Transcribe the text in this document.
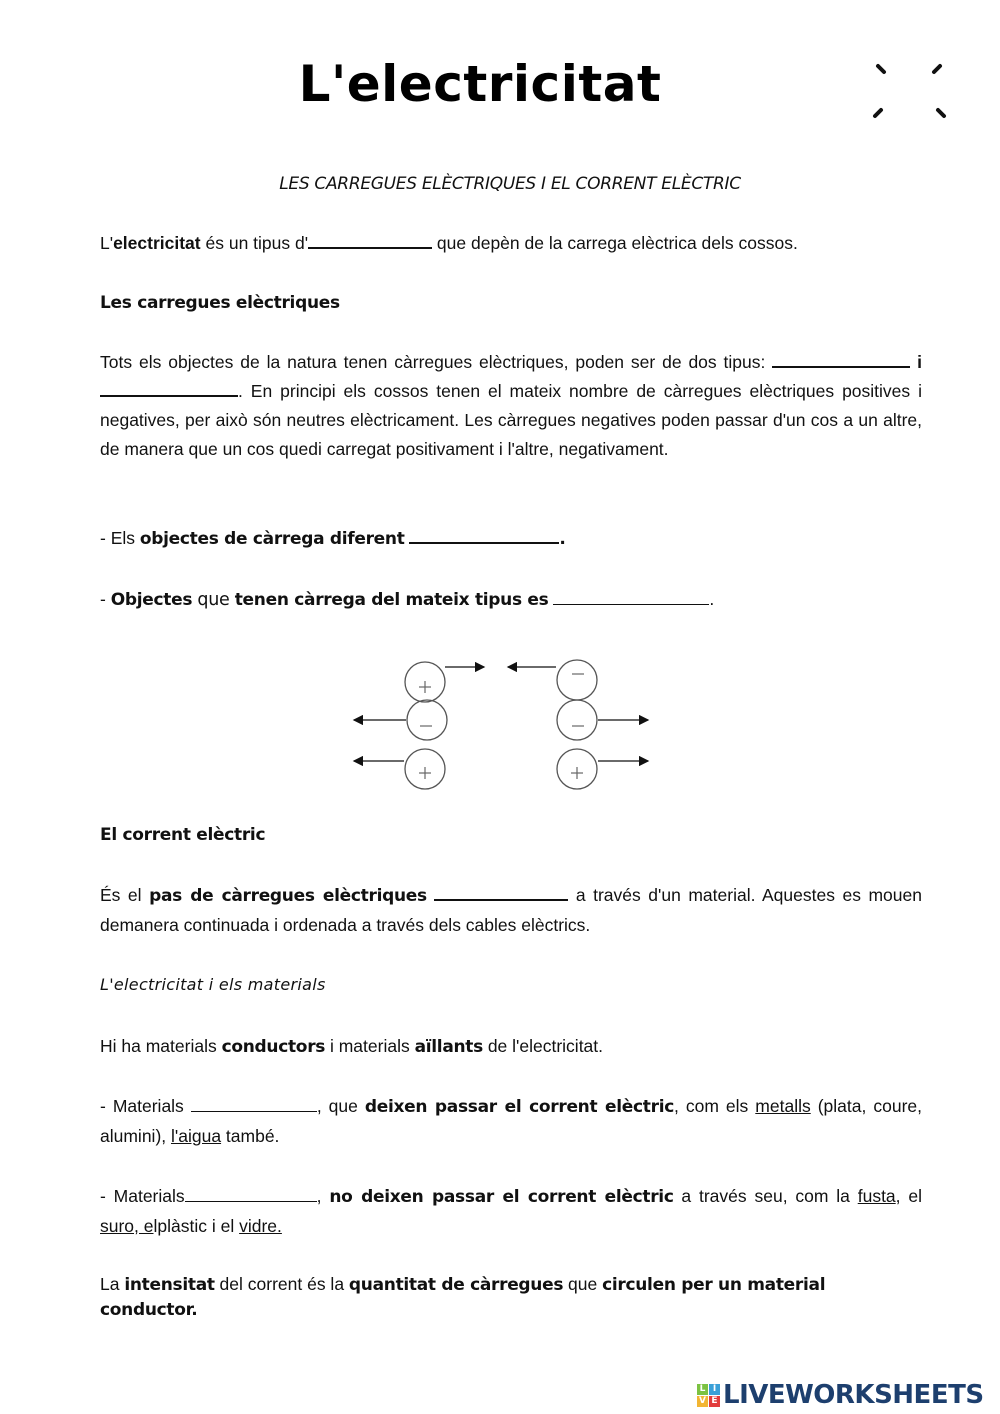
L'electricitat
LES CARREGUES ELÈCTRIQUES I EL CORRENT ELÈCTRIC
L'electricitat és un tipus d'	que depèn de la carrega elèctrica dels cossos.
Les carregues elèctriques
Tots els objectes de la natura tenen càrregues elèctriques, poden ser de dos tipus:	i . En principi els cossos tenen el mateix nombre de càrregues elèctriques positives i negatives, per això són neutres elèctricament. Les càrregues negatives poden passar d'un cos a un altre, de manera que un cos quedi carregat positivament i l'altre, negativament.
- Els objectes de càrrega diferent	.
- Objectes que tenen càrrega del mateix tipus es	.
El corrent elèctric
És el pas de càrregues elèctriques	a través d'un material. Aquestes es mouen demanera continuada i ordenada a través dels cables elèctrics.
L'electricitat i els materials
Hi ha materials conductors i materials aïllants de l'electricitat.
- Materials	, que deixen passar el corrent elèctric, com els metalls (plata, coure, alumini), l'aigua també.
- Materials	, no deixen passar el corrent elèctric a través seu, com la fusta, el suro, elplàstic i el vidre.
La intensitat del corrent és la quantitat de càrregues que circulen per un material conductor.
L I
V E LIVEWORKSHEETS
